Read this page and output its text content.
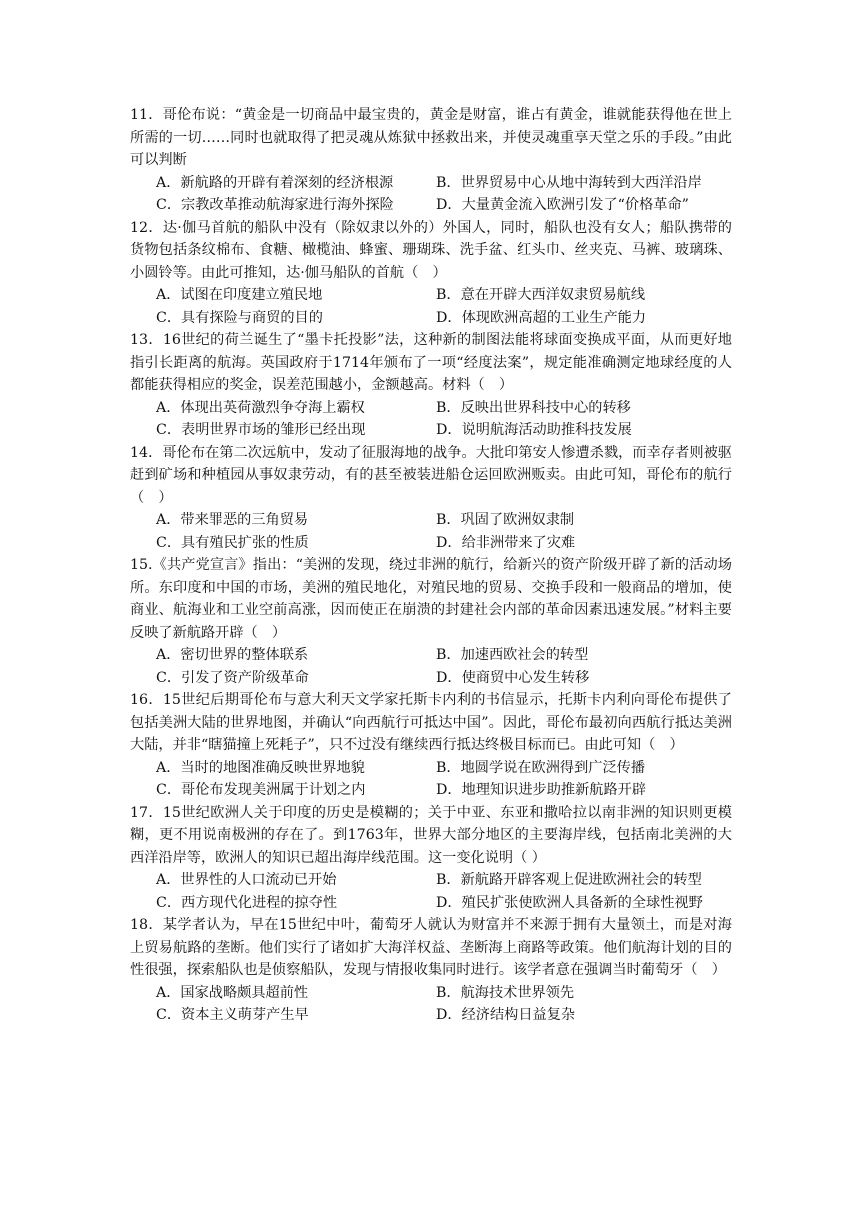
11．哥伦布说：“黄金是一切商品中最宝贵的，黄金是财富，谁占有黄金，谁就能获得他在世上所需的一切……同时也就取得了把灵魂从炼狱中拯救出来，并使灵魂重享天堂之乐的手段。”由此可以判断
A．新航路的开辟有着深刻的经济根源	B．世界贸易中心从地中海转到大西洋沿岸
C．宗教改革推动航海家进行海外探险	D．大量黄金流入欧洲引发了“价格革命”
12．达·伽马首航的船队中没有（除奴隶以外的）外国人，同时，船队也没有女人；船队携带的货物包括条纹棉布、食糖、橄榄油、蜂蜜、珊瑚珠、洗手盆、红头巾、丝夹克、马裤、玻璃珠、小圆铃等。由此可推知，达·伽马船队的首航（　）
A．试图在印度建立殖民地	B．意在开辟大西洋奴隶贸易航线
C．具有探险与商贸的目的	D．体现欧洲高超的工业生产能力
13．16世纪的荷兰诞生了“墨卡托投影”法，这种新的制图法能将球面变换成平面，从而更好地指引长距离的航海。英国政府于1714年颁布了一项“经度法案”，规定能准确测定地球经度的人都能获得相应的奖金，误差范围越小，金额越高。材料（　）
A．体现出英荷激烈争夺海上霸权	B．反映出世界科技中心的转移
C．表明世界市场的雏形已经出现	D．说明航海活动助推科技发展
14．哥伦布在第二次远航中，发动了征服海地的战争。大批印第安人惨遭杀戮，而幸存者则被驱赶到矿场和种植园从事奴隶劳动，有的甚至被装进船仓运回欧洲贩卖。由此可知，哥伦布的航行（　）
A．带来罪恶的三角贸易	B．巩固了欧洲奴隶制
C．具有殖民扩张的性质	D．给非洲带来了灾难
15.《共产党宣言》指出：“美洲的发现，绕过非洲的航行，给新兴的资产阶级开辟了新的活动场所。东印度和中国的市场，美洲的殖民地化，对殖民地的贸易、交换手段和一般商品的增加，使商业、航海业和工业空前高涨，因而使正在崩溃的封建社会内部的革命因素迅速发展。”材料主要反映了新航路开辟（　）
A．密切世界的整体联系	B．加速西欧社会的转型
C．引发了资产阶级革命	D．使商贸中心发生转移
16．15世纪后期哥伦布与意大利天文学家托斯卡内利的书信显示，托斯卡内利向哥伦布提供了包括美洲大陆的世界地图，并确认“向西航行可抵达中国”。因此，哥伦布最初向西航行抵达美洲大陆，并非“瞎猫撞上死耗子”，只不过没有继续西行抵达终极目标而已。由此可知（　）
A．当时的地图准确反映世界地貌	B．地圆学说在欧洲得到广泛传播
C．哥伦布发现美洲属于计划之内	D．地理知识进步助推新航路开辟
17．15世纪欧洲人关于印度的历史是模糊的；关于中亚、东亚和撒哈拉以南非洲的知识则更模糊，更不用说南极洲的存在了。到1763年，世界大部分地区的主要海岸线，包括南北美洲的大西洋沿岸等，欧洲人的知识已超出海岸线范围。这一变化说明（ ）
A．世界性的人口流动已开始	B．新航路开辟客观上促进欧洲社会的转型
C．西方现代化进程的掠夺性	D．殖民扩张使欧洲人具备新的全球性视野
18．某学者认为，早在15世纪中叶，葡萄牙人就认为财富并不来源于拥有大量领土，而是对海上贸易航路的垄断。他们实行了诸如扩大海洋权益、垄断海上商路等政策。他们航海计划的目的性很强，探索船队也是侦察船队，发现与情报收集同时进行。该学者意在强调当时葡萄牙（　）
A．国家战略颇具超前性	B．航海技术世界领先
C．资本主义萌芽产生早	D．经济结构日益复杂
